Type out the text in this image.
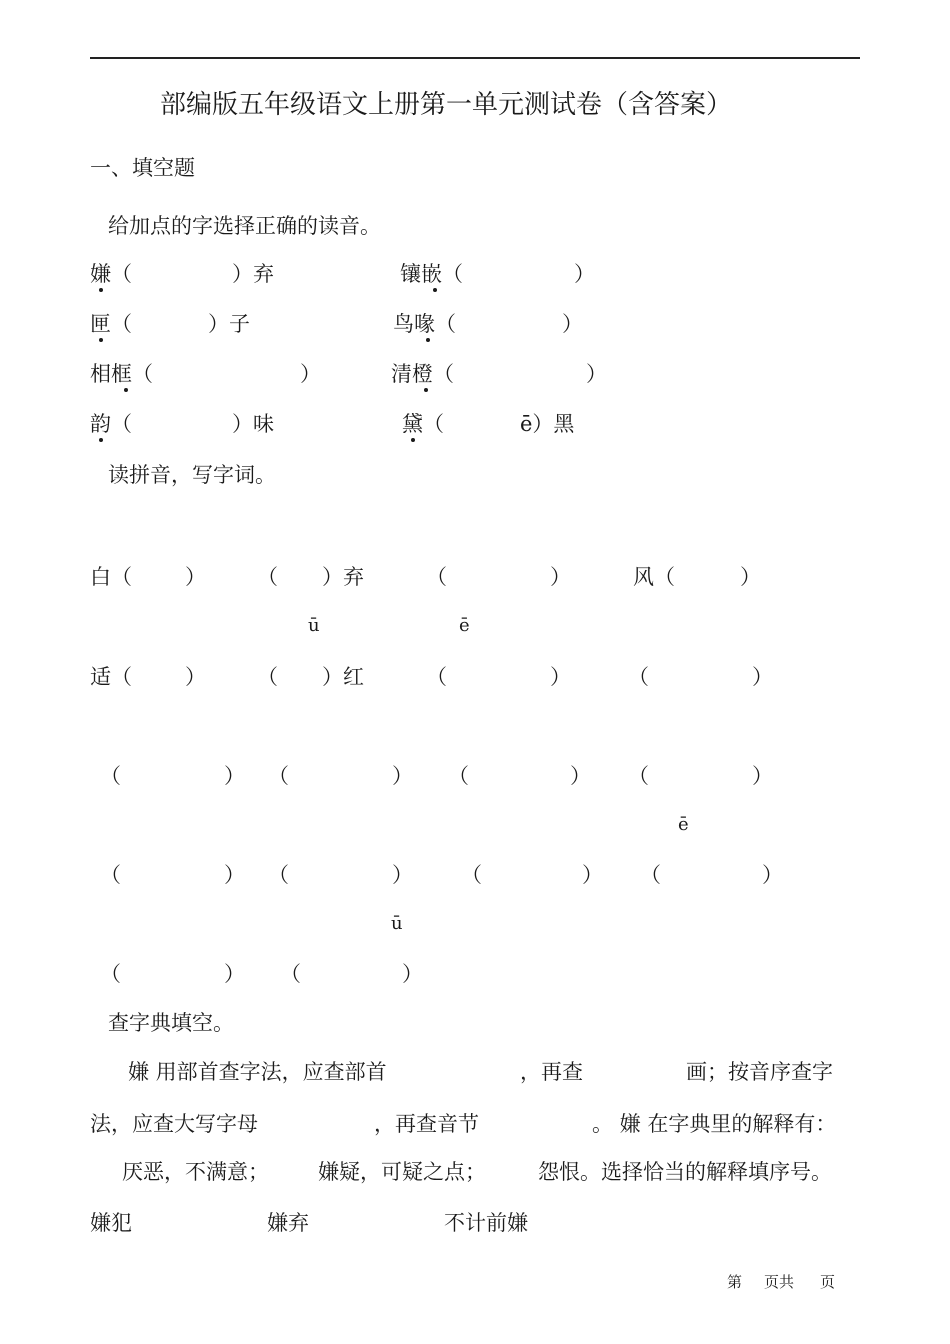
部编版五年级语文上册第一单元测试卷（含答案）
一、填空题
给加点的字选择正确的读音。
嫌（	）弃	镶嵌（	）
匣（	）子	鸟喙（	）
相框（	）	清橙（	）
韵（	）味	黛（	ē）黑
读拼音，写字词。
白（	） （ ）弃	（	）	风（	）
ū	ē
适（	） （ ）红	（	）	（	）
（	） （	） （	） （	）
ē
（	） （	） （	） （	）
ū
（	） （	）
查字典填空。
嫌 用部首查字法，应查部首	，再查	画；按音序查字
法，应查大写字母	，再查音节	。 嫌 在字典里的解释有：
厌恶，不满意； 嫌疑，可疑之点； 怨恨。选择恰当的解释填序号。
嫌犯	嫌弃	不计前嫌
第 页共 页
